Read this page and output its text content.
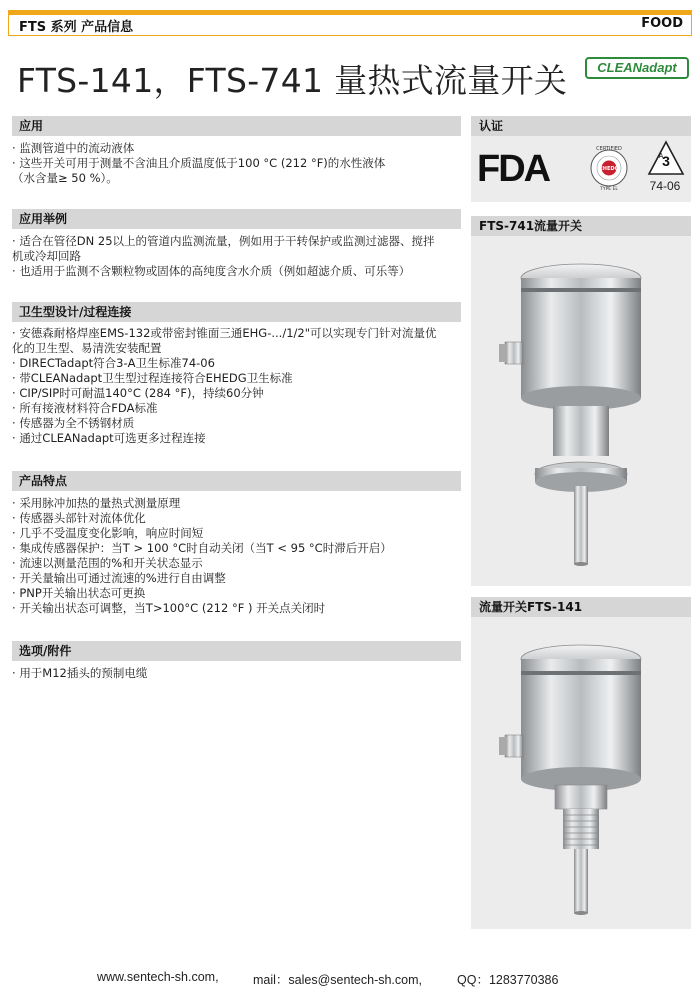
FTS 系列 产品信息	FOOD
FTS-141，FTS-741 量热式流量开关	CLEANadapt
应用
· 监测管道中的流动液体
· 这些开关可用于测量不含油且介质温度低于100 °C (212 °F)的水性液体
（水含量≥ 50 %）。
应用举例
· 适合在管径DN 25以上的管道内监测流量，例如用于干转保护或监测过滤器、搅拌
机或冷却回路
· 也适用于监测不含颗粒物或固体的高纯度含水介质（例如超滤介质、可乐等）
卫生型设计/过程连接
· 安德森耐格焊座EMS-132或带密封锥面三通EHG-.../1/2"可以实现专门针对流量优
化的卫生型、易清洗安装配置
· DIRECTadapt符合3-A卫生标准74-06
· 带CLEANadapt卫生型过程连接符合EHEDG卫生标准
· CIP/SIP时可耐温140°C (284 °F)，持续60分钟
· 所有接液材料符合FDA标准
· 传感器为全不锈钢材质
· 通过CLEANadapt可选更多过程连接
产品特点
· 采用脉冲加热的量热式测量原理
· 传感器头部针对流体优化
· 几乎不受温度变化影响，响应时间短
· 集成传感器保护：当T > 100 °C时自动关闭（当T < 95 °C时滞后开启）
· 流速以测量范围的%和开关状态显示
· 开关量输出可通过流速的%进行自由调整
· PNP开关输出状态可更换
· 开关输出状态可调整，当T>100°C (212 °F ) 开关点关闭时
选项/附件
· 用于M12插头的预制电缆
认证
FDA	CERTIFIED
EHEDG
TYPE EL
3
A
74-06
FTS-741流量开关
流量开关FTS-141
www.sentech-sh.com,	mail：sales@sentech-sh.com,	QQ：1283770386
